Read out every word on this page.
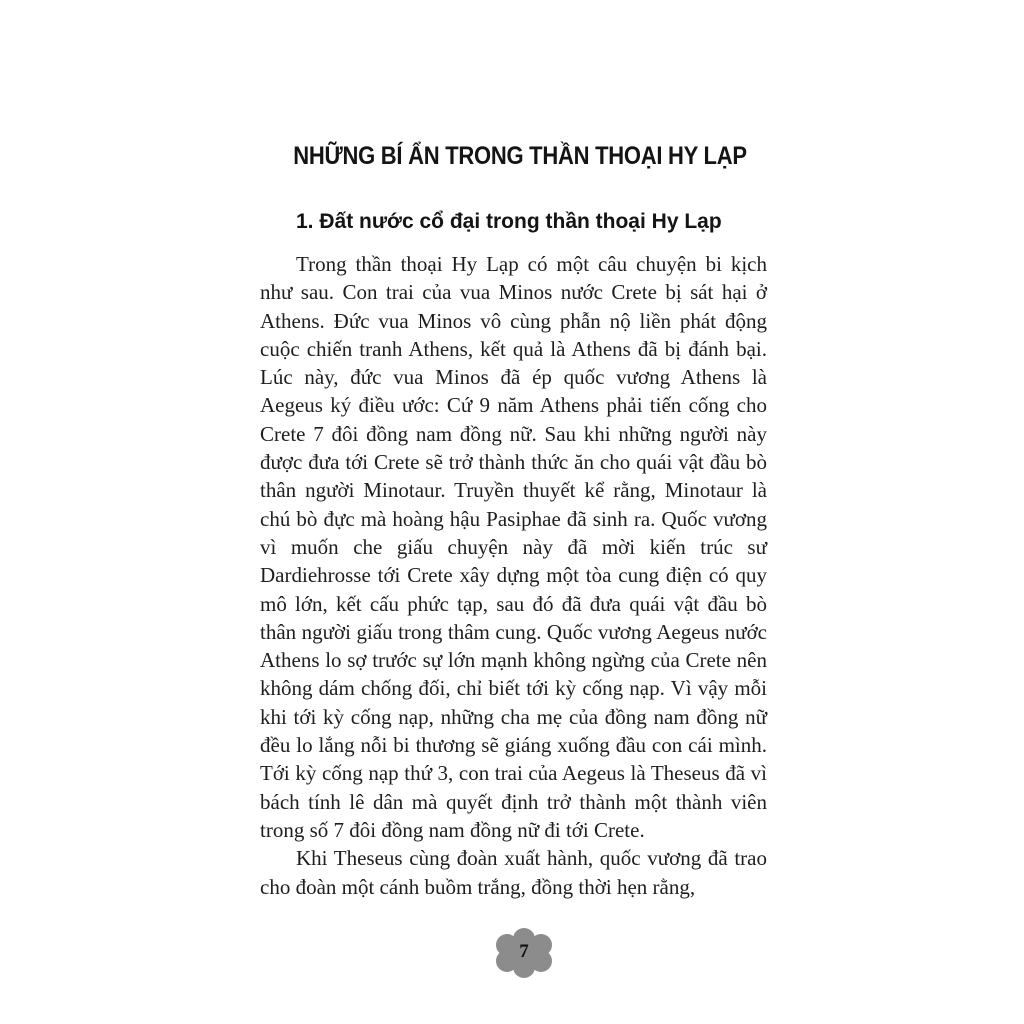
NHỮNG BÍ ẨN TRONG THẦN THOẠI HY LẠP
1. Đất nước cổ đại trong thần thoại Hy Lạp

Trong thần thoại Hy Lạp có một câu chuyện bi kịch như sau. Con trai của vua Minos nước Crete bị sát hại ở Athens. Đức vua Minos vô cùng phẫn nộ liền phát động cuộc chiến tranh Athens, kết quả là Athens đã bị đánh bại. Lúc này, đức vua Minos đã ép quốc vương Athens là Aegeus ký điều ước: Cứ 9 năm Athens phải tiến cống cho Crete 7 đôi đồng nam đồng nữ. Sau khi những người này được đưa tới Crete sẽ trở thành thức ăn cho quái vật đầu bò thân người Minotaur. Truyền thuyết kể rằng, Minotaur là chú bò đực mà hoàng hậu Pasiphae đã sinh ra. Quốc vương vì muốn che giấu chuyện này đã mời kiến trúc sư Dardiehrosse tới Crete xây dựng một tòa cung điện có quy mô lớn, kết cấu phức tạp, sau đó đã đưa quái vật đầu bò thân người giấu trong thâm cung. Quốc vương Aegeus nước Athens lo sợ trước sự lớn mạnh không ngừng của Crete nên không dám chống đối, chỉ biết tới kỳ cống nạp. Vì vậy mỗi khi tới kỳ cống nạp, những cha mẹ của đồng nam đồng nữ đều lo lắng nỗi bi thương sẽ giáng xuống đầu con cái mình. Tới kỳ cống nạp thứ 3, con trai của Aegeus là Theseus đã vì bách tính lê dân mà quyết định trở thành một thành viên trong số 7 đôi đồng nam đồng nữ đi tới Crete.

Khi Theseus cùng đoàn xuất hành, quốc vương đã trao cho đoàn một cánh buồm trắng, đồng thời hẹn rằng,

7
